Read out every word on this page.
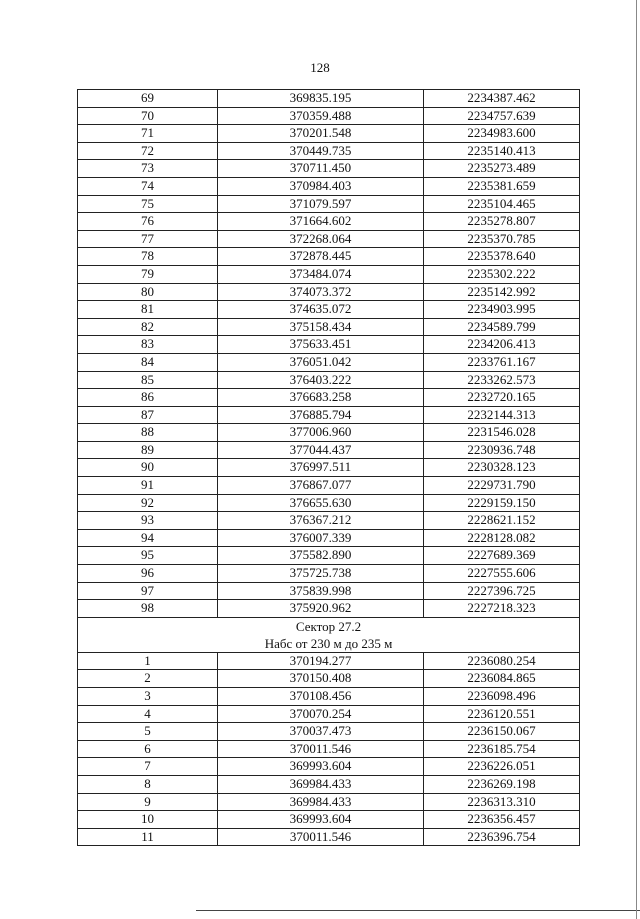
128
69	369835.195	2234387.462
70	370359.488	2234757.639
71	370201.548	2234983.600
72	370449.735	2235140.413
73	370711.450	2235273.489
74	370984.403	2235381.659
75	371079.597	2235104.465
76	371664.602	2235278.807
77	372268.064	2235370.785
78	372878.445	2235378.640
79	373484.074	2235302.222
80	374073.372	2235142.992
81	374635.072	2234903.995
82	375158.434	2234589.799
83	375633.451	2234206.413
84	376051.042	2233761.167
85	376403.222	2233262.573
86	376683.258	2232720.165
87	376885.794	2232144.313
88	377006.960	2231546.028
89	377044.437	2230936.748
90	376997.511	2230328.123
91	376867.077	2229731.790
92	376655.630	2229159.150
93	376367.212	2228621.152
94	376007.339	2228128.082
95	375582.890	2227689.369
96	375725.738	2227555.606
97	375839.998	2227396.725
98	375920.962	2227218.323

Сектор 27.2
Набс от 230 м до 235 м		

1	370194.277	2236080.254
2	370150.408	2236084.865
3	370108.456	2236098.496
4	370070.254	2236120.551
5	370037.473	2236150.067
6	370011.546	2236185.754
7	369993.604	2236226.051
8	369984.433	2236269.198
9	369984.433	2236313.310
10	369993.604	2236356.457
11	370011.546	2236396.754
